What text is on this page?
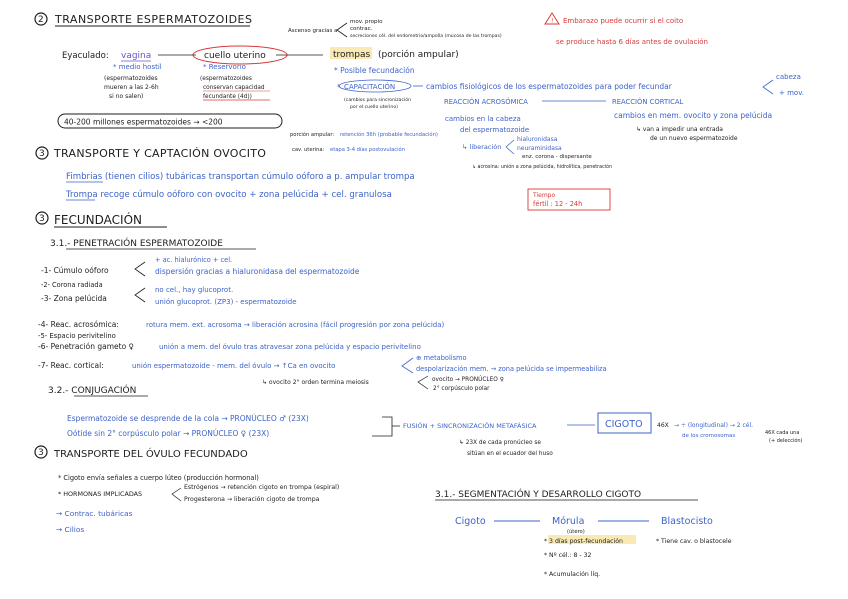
2 TRANSPORTE ESPERMATOZOIDES
Ascenso gracias a
mov. propio
contrac.
secreciones cél. del endometrio/ampolla (mucosa de las trompas)
! Embarazo puede ocurrir si el coito
se produce hasta 6 días antes de ovulación
Eyaculado: vagina	cuello uterino	trompas (porción ampular)
* medio hostil
(espermatozoides
mueren a las 2-6h
si no salen)
* Reservorio
(espermatozoides
conservan capacidad
fecundante (4d))
* Posible fecundación
CAPACITACIÓN
*
(cambios para sincronización
por el cuello uterino)
cambios fisiológicos de los espermatozoides para poder fecundar
cabeza
+ mov.
REACCIÓN ACROSÓMICA	REACCIÓN CORTICAL
cambios en la cabeza
del espermatozoide
cambios en mem. ovocito y zona pelúcida
↳ van a impedir una entrada
de un nuevo espermatozoide
↳ liberación
hialuronidasa
neuraminidasa
enz. corona - dispersante
↳ acrosina: unión a zona pelúcida, hidrolítica, penetración
40-200 millones espermatozoides → <200
porción ampular: retención 36h (probable fecundación)
cav. uterina: etapa 3-4 días postovulación
3 TRANSPORTE Y CAPTACIÓN OVOCITO
Fimbrias (tienen cilios) tubáricas transportan cúmulo oóforo a p. ampular trompa
Trompa recoge cúmulo oóforo con ovocito + zona pelúcida + cel. granulosa	Tiempo
fértil : 12 - 24h
3 FECUNDACIÓN
3.1.- PENETRACIÓN ESPERMATOZOIDE
-1- Cúmulo oóforo
+ ac. hialurónico + cel.
dispersión gracias a hialuronidasa del espermatozoide
-2- Corona radiada
-3- Zona pelúcida
no cel., hay glucoprot.
unión glucoprot. (ZP3) - espermatozoide
-4- Reac. acrosómica:	rotura mem. ext. acrosoma → liberación acrosina (fácil progresión por zona pelúcida)
-5- Espacio perivitelino
-6- Penetración gameto ♀	unión a mem. del óvulo tras atravesar zona pelúcida y espacio perivitelino
-7- Reac. cortical:	unión espermatozoide - mem. del óvulo → ↑Ca en ovocito
⊕ metabolismo
despolarización mem. → zona pelúcida se impermeabiliza
↳ ovocito 2° orden termina meiosis	ovocito → PRONÚCLEO ♀
2° corpúsculo polar
3.2.- CONJUGACIÓN
Espermatozoide se desprende de la cola → PRONÚCLEO ♂ (23X)
Oótide sin 2° corpúsculo polar → PRONÚCLEO ♀ (23X)
FUSIÓN + SINCRONIZACIÓN METAFÁSICA	CIGOTO 46X → ÷ (longitudinal) → 2 cél.
de los cromosomas	46X cada una
(+ delección)
↳ 23X de cada pronúcleo se
sitúan en el ecuador del huso
3 TRANSPORTE DEL ÓVULO FECUNDADO
* Cigoto envía señales a cuerpo lúteo (producción hormonal)
* HORMONAS IMPLICADAS
Estrógenos → retención cigoto en trompa (espiral)
Progesterona → liberación cigoto de trompa
→ Contrac. tubáricas
→ Cilios
3.1.- SEGMENTACIÓN Y DESARROLLO CIGOTO
Cigoto	Mórula	Blastocisto
(útero)
* 3 días post-fecundación
* Nº cél.: 8 - 32
* Acumulación líq.
* Tiene cav. o blastocele
